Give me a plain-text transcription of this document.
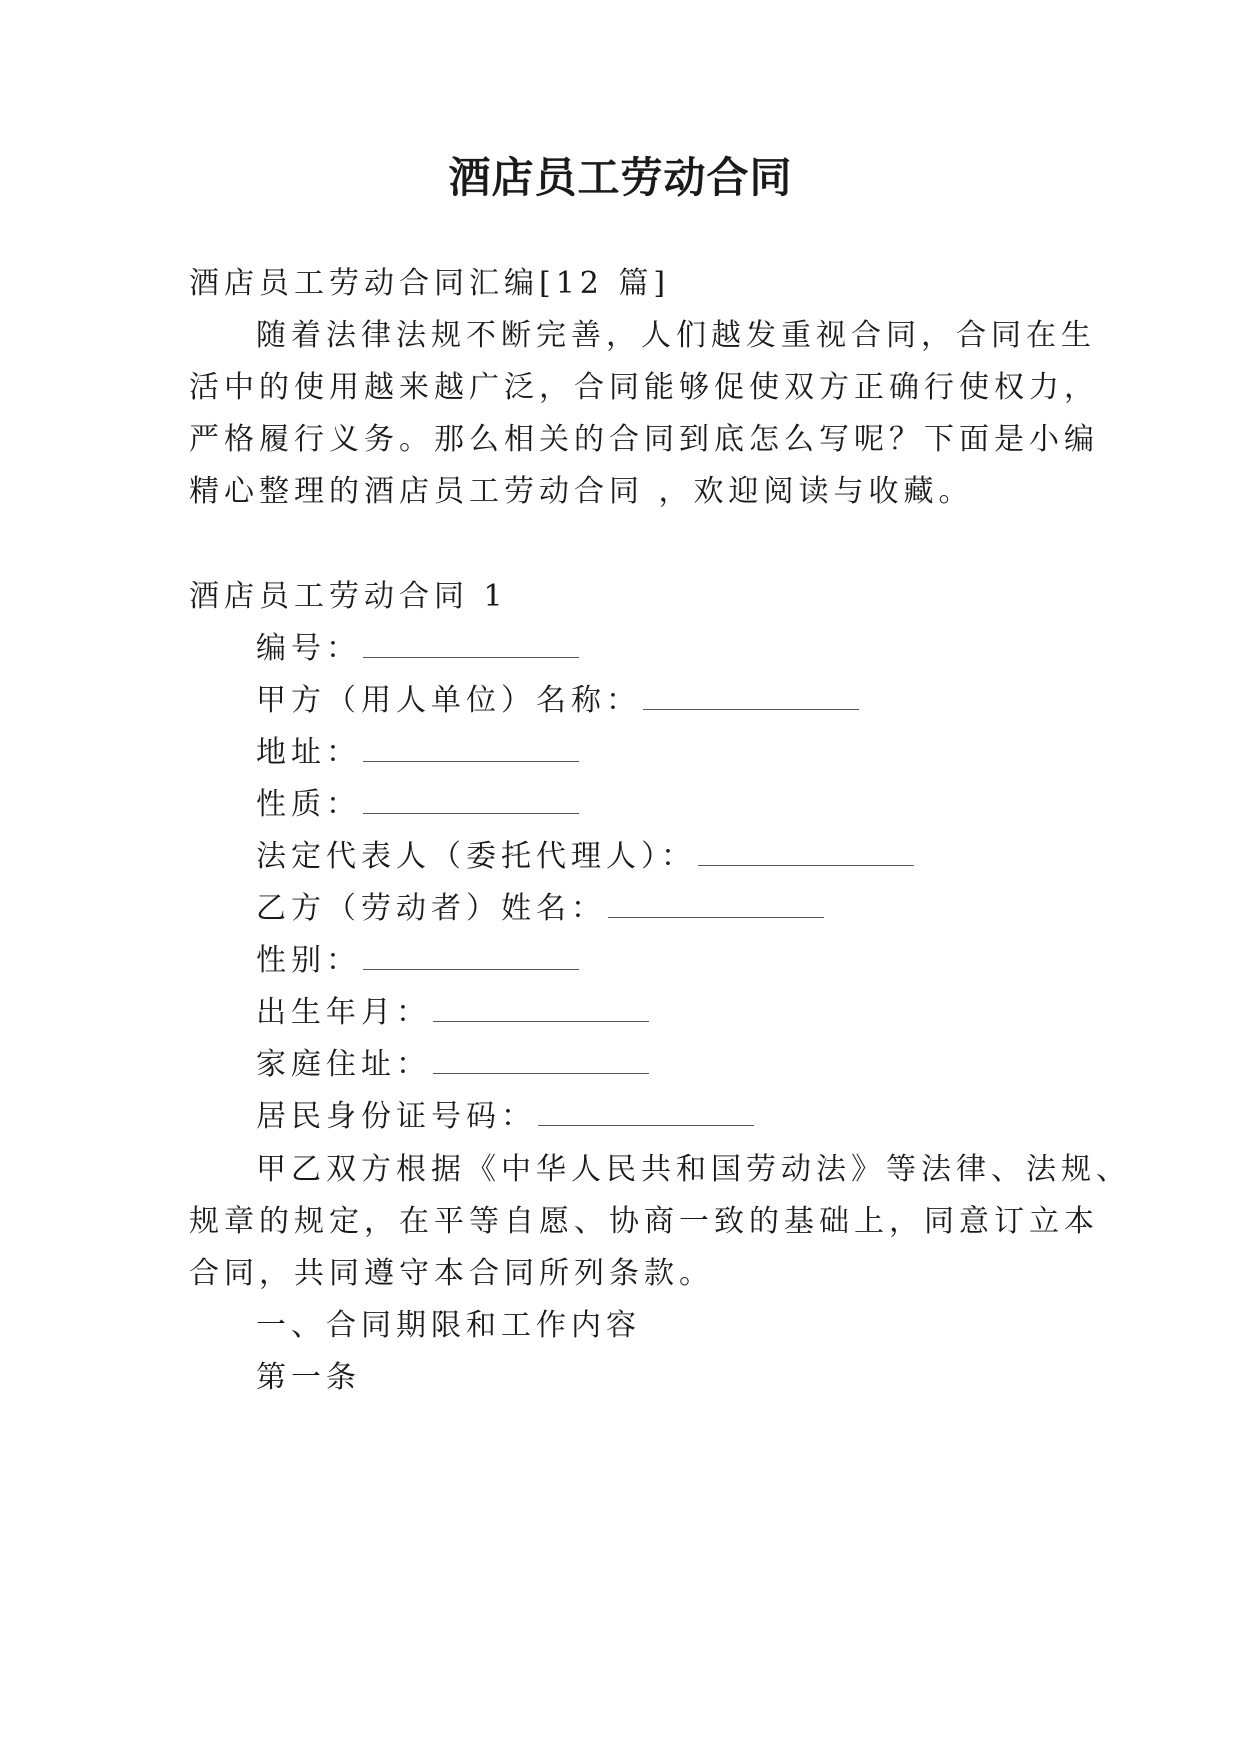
酒店员工劳动合同
酒店员工劳动合同汇编[12 篇]
随着法律法规不断完善，人们越发重视合同，合同在生
活中的使用越来越广泛，合同能够促使双方正确行使权力，
严格履行义务。那么相关的合同到底怎么写呢？下面是小编
精心整理的酒店员工劳动合同 ，欢迎阅读与收藏。
酒店员工劳动合同 1
编号：
甲方（用人单位）名称：
地址：
性质：
法定代表人（委托代理人）：
乙方（劳动者）姓名：
性别：
出生年月：
家庭住址：
居民身份证号码：
甲乙双方根据《中华人民共和国劳动法》等法律、法规、
规章的规定，在平等自愿、协商一致的基础上，同意订立本
合同，共同遵守本合同所列条款。
一、合同期限和工作内容
第一条
